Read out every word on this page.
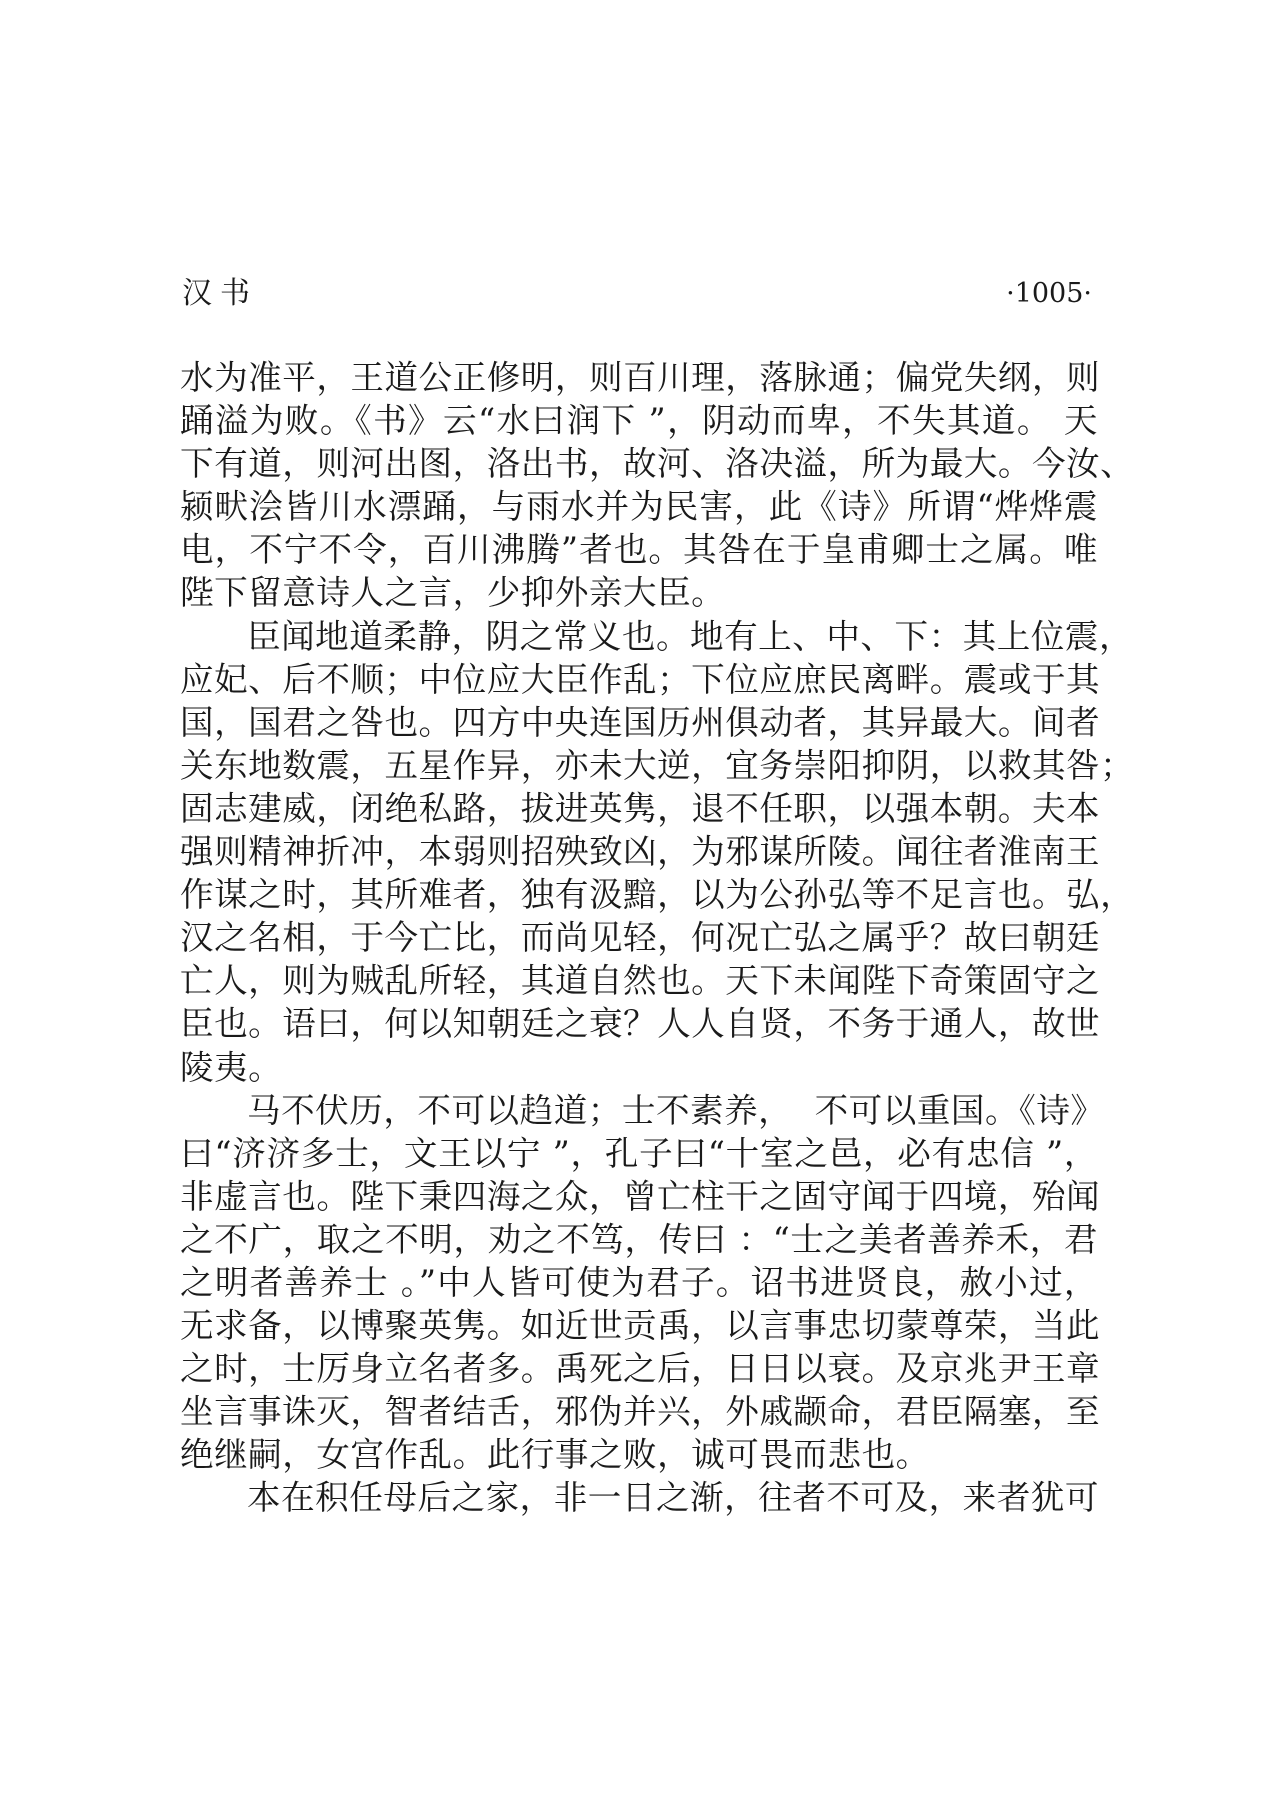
汉书	·1005·
水为准平，王道公正修明，则百川理，落脉通；偏党失纲，则
踊溢为败。《书》云“水曰润下 ”，阴动而卑，不失其道。 天
下有道，则河出图，洛出书，故河、洛决溢，所为最大。今汝、
颍畎浍皆川水漂踊，与雨水并为民害，此《诗》所谓“烨烨震
电，不宁不令，百川沸腾”者也。其咎在于皇甫卿士之属。唯
陛下留意诗人之言，少抑外亲大臣。
臣闻地道柔静，阴之常义也。地有上、中、下：其上位震，
应妃、后不顺；中位应大臣作乱；下位应庶民离畔。震或于其
国，国君之咎也。四方中央连国历州俱动者，其异最大。间者
关东地数震，五星作异，亦未大逆，宜务崇阳抑阴，以救其咎；
固志建威，闭绝私路，拔进英隽，退不任职，以强本朝。夫本
强则精神折冲，本弱则招殃致凶，为邪谋所陵。闻往者淮南王
作谋之时，其所难者，独有汲黯，以为公孙弘等不足言也。弘，
汉之名相，于今亡比，而尚见轻，何况亡弘之属乎？故曰朝廷
亡人，则为贼乱所轻，其道自然也。天下未闻陛下奇策固守之
臣也。语曰，何以知朝廷之衰？人人自贤，不务于通人，故世
陵夷。
马不伏历，不可以趋道；士不素养，  不可以重国。《诗》
曰“济济多士，文王以宁 ”，孔子曰“十室之邑，必有忠信 ”，
非虚言也。陛下秉四海之众，曾亡柱干之固守闻于四境，殆闻
之不广，取之不明，劝之不笃，传曰 ：“士之美者善养禾，君
之明者善养士 。”中人皆可使为君子。诏书进贤良，赦小过，
无求备，以博聚英隽。如近世贡禹，以言事忠切蒙尊荣，当此
之时，士厉身立名者多。禹死之后，日日以衰。及京兆尹王章
坐言事诛灭，智者结舌，邪伪并兴，外戚颛命，君臣隔塞，至
绝继嗣，女宫作乱。此行事之败，诚可畏而悲也。
本在积任母后之家，非一日之渐，往者不可及，来者犹可
